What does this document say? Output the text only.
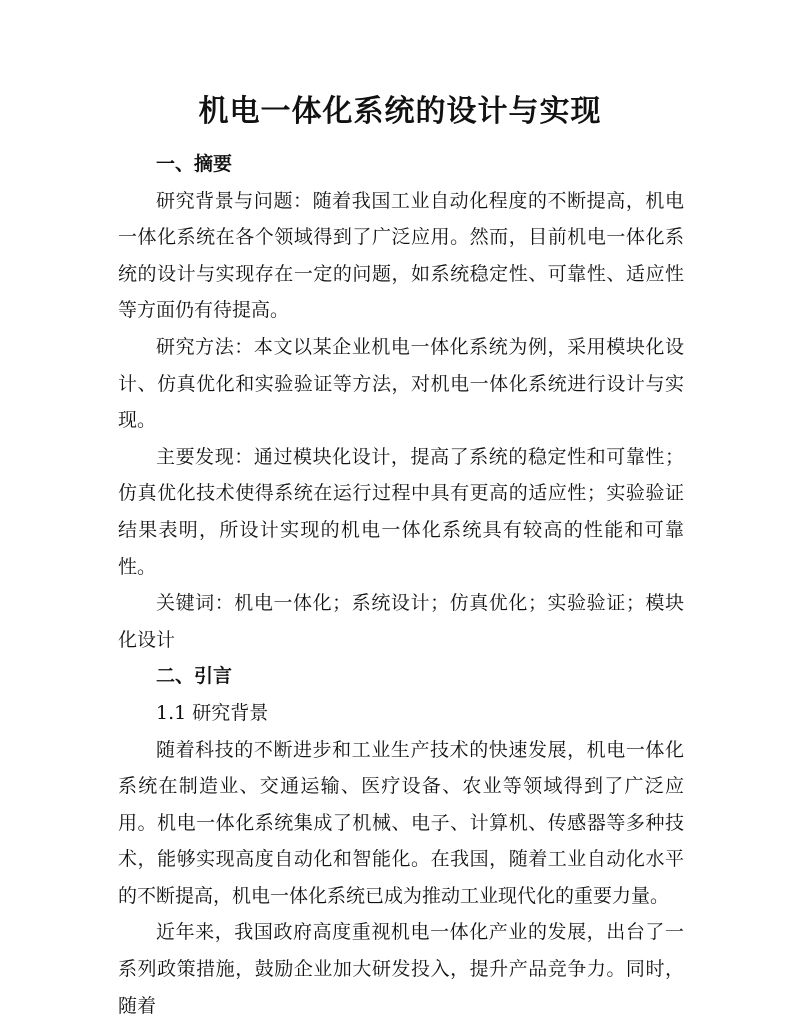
机电一体化系统的设计与实现

一、摘要

研究背景与问题：随着我国工业自动化程度的不断提高，机电一体化系统在各个领域得到了广泛应用。然而，目前机电一体化系统的设计与实现存在一定的问题，如系统稳定性、可靠性、适应性等方面仍有待提高。

研究方法：本文以某企业机电一体化系统为例，采用模块化设计、仿真优化和实验验证等方法，对机电一体化系统进行设计与实现。

主要发现：通过模块化设计，提高了系统的稳定性和可靠性；仿真优化技术使得系统在运行过程中具有更高的适应性；实验验证结果表明，所设计实现的机电一体化系统具有较高的性能和可靠性。

关键词：机电一体化；系统设计；仿真优化；实验验证；模块化设计

二、引言

1.1 研究背景

随着科技的不断进步和工业生产技术的快速发展，机电一体化系统在制造业、交通运输、医疗设备、农业等领域得到了广泛应用。机电一体化系统集成了机械、电子、计算机、传感器等多种技术，能够实现高度自动化和智能化。在我国，随着工业自动化水平的不断提高，机电一体化系统已成为推动工业现代化的重要力量。

近年来，我国政府高度重视机电一体化产业的发展，出台了一系列政策措施，鼓励企业加大研发投入，提升产品竞争力。同时，随着
